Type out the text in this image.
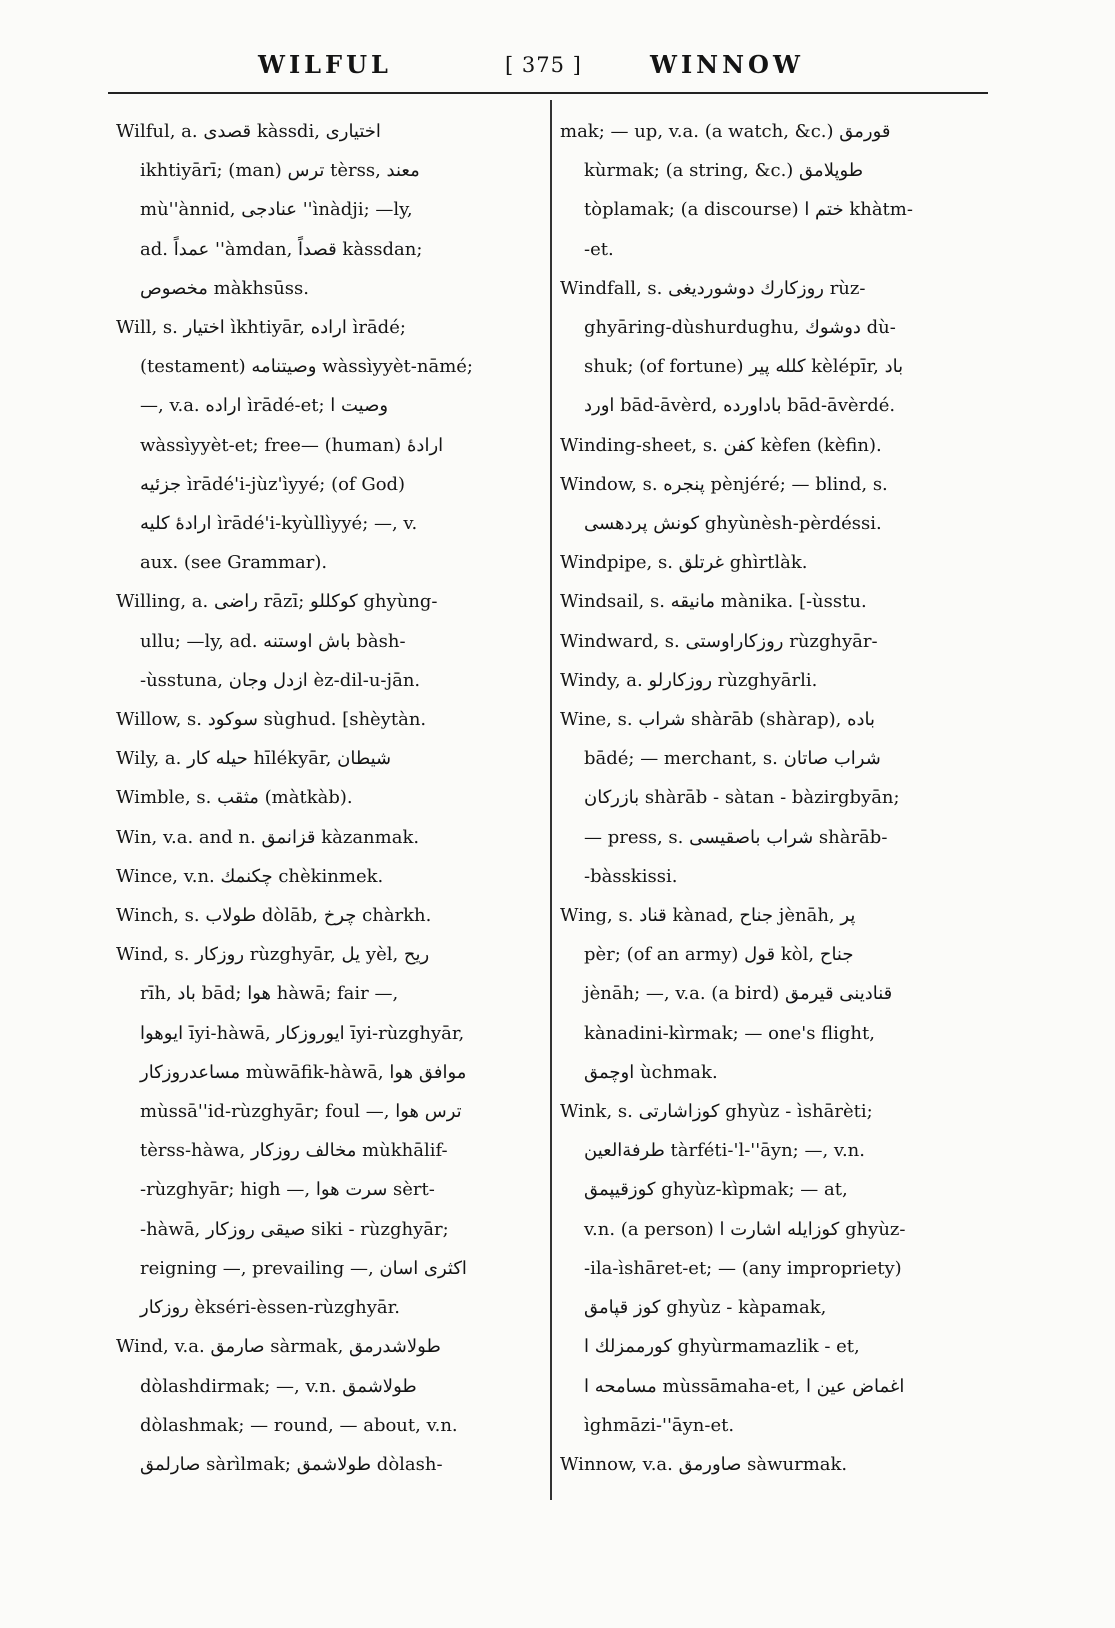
WILFUL	[ 375 ]	WINNOW
Wilful, a. قصدی kàssdi, اختیاری
ikhtiyārī; (man) ترس tèrss, معند
mù''ànnid, عنادجی ''ìnàdji; —ly,
ad. عمداً ''àmdan, قصداً kàssdan;
مخصوص màkhsūss.
Will, s. اختیار ìkhtiyār, اراده ìrādé;
(testament) وصیتنامه wàssìyyèt-nāmé;
—, v.a. اراده ìrādé-et; وصیت ا
wàssìyyèt-et; free— (human) ارادهٔ
جزئیه ìrādé'i-jùz'ìyyé; (of God)
ارادهٔ کلیه ìrādé'i-kyùllìyyé; —, v.
aux. (see Grammar).
Willing, a. راضی rāzī; کوکللو ghyùng-
ullu; —ly, ad. باش اوستنه bàsh-
-ùsstuna, ازدل وجان èz-dil-u-jān.
Willow, s. سوکود sùghud. [shèytàn.
Wily, a. حیله کار hīlékyār, شیطان
Wimble, s. مثقب (màtkàb).
Win, v.a. and n. قزانمق kàzanmak.
Wince, v.n. چکنمك chèkinmek.
Winch, s. طولاب dòlāb, چرخ chàrkh.
Wind, s. روزکار rùzghyār, یل yèl, ریح
rīh, باد bād; هوا hàwā; fair —,
ایوهوا īyi-hàwā, ایوروزکار īyi-rùzghyār,
مساعدروزکار mùwāfik-hàwā, موافق هوا
mùssā''id-rùzghyār; foul —, ترس هوا
tèrss-hàwa, مخالف روزکار mùkhālif-
-rùzghyār; high —, سرت هوا sèrt-
-hàwā, صیقی روزکار siki - rùzghyār;
reigning —, prevailing —, اکثری اسان
روزکار èkséri-èssen-rùzghyār.
Wind, v.a. صارمق sàrmak, طولاشدرمق
dòlashdirmak; —, v.n. طولاشمق
dòlashmak; — round, — about, v.n.
صارلمق sàrìlmak; طولاشمق dòlash-
mak; — up, v.a. (a watch, &c.) قورمق
kùrmak; (a string, &c.) طوپلامق
tòplamak; (a discourse) ختم ا khàtm-
-et.
Windfall, s. روزکارك دوشوردیغی rùz-
ghyāring-dùshurdughu, دوشوك dù-
shuk; (of fortune) کلله پیر kèlépīr, باد
اورد bād-āvèrd, باداورده bād-āvèrdé.
Winding-sheet, s. کفن kèfen (kèfin).
Window, s. پنجره pènjéré; — blind, s.
کونش پردهسی ghyùnèsh-pèrdéssi.
Windpipe, s. غرتلق ghìrtlàk.
Windsail, s. مانیقه mànika. [-ùsstu.
Windward, s. روزکاراوستی rùzghyār-
Windy, a. روزکارلو rùzghyārli.
Wine, s. شراب shàrāb (shàrap), باده
bādé; — merchant, s. شراب صاتان
بازرکان shàrāb - sàtan - bàzirgbyān;
— press, s. شراب باصقیسی shàrāb-
-bàsskissi.
Wing, s. قناد kànad, جناح jènāh, پر
pèr; (of an army) قول kòl, جناح
jènāh; —, v.a. (a bird) قنادینی قیرمق
kànadini-kìrmak; — one's flight,
اوچمق ùchmak.
Wink, s. کوزاشارتی ghyùz - ìshārèti;
طرفةالعین tàrféti-'l-''āyn; —, v.n.
کوزقیپمق ghyùz-kìpmak; — at,
v.n. (a person) کوزایله اشارت ا ghyùz-
-ila-ìshāret-et; — (any impropriety)
کوز قپامق ghyùz - kàpamak,
کورممزلك ا ghyùrmamazlik - et,
مسامحه ا mùssāmaha-et, اغماض عین ا
ìghmāzi-''āyn-et.
Winnow, v.a. صاورمق sàwurmak.
